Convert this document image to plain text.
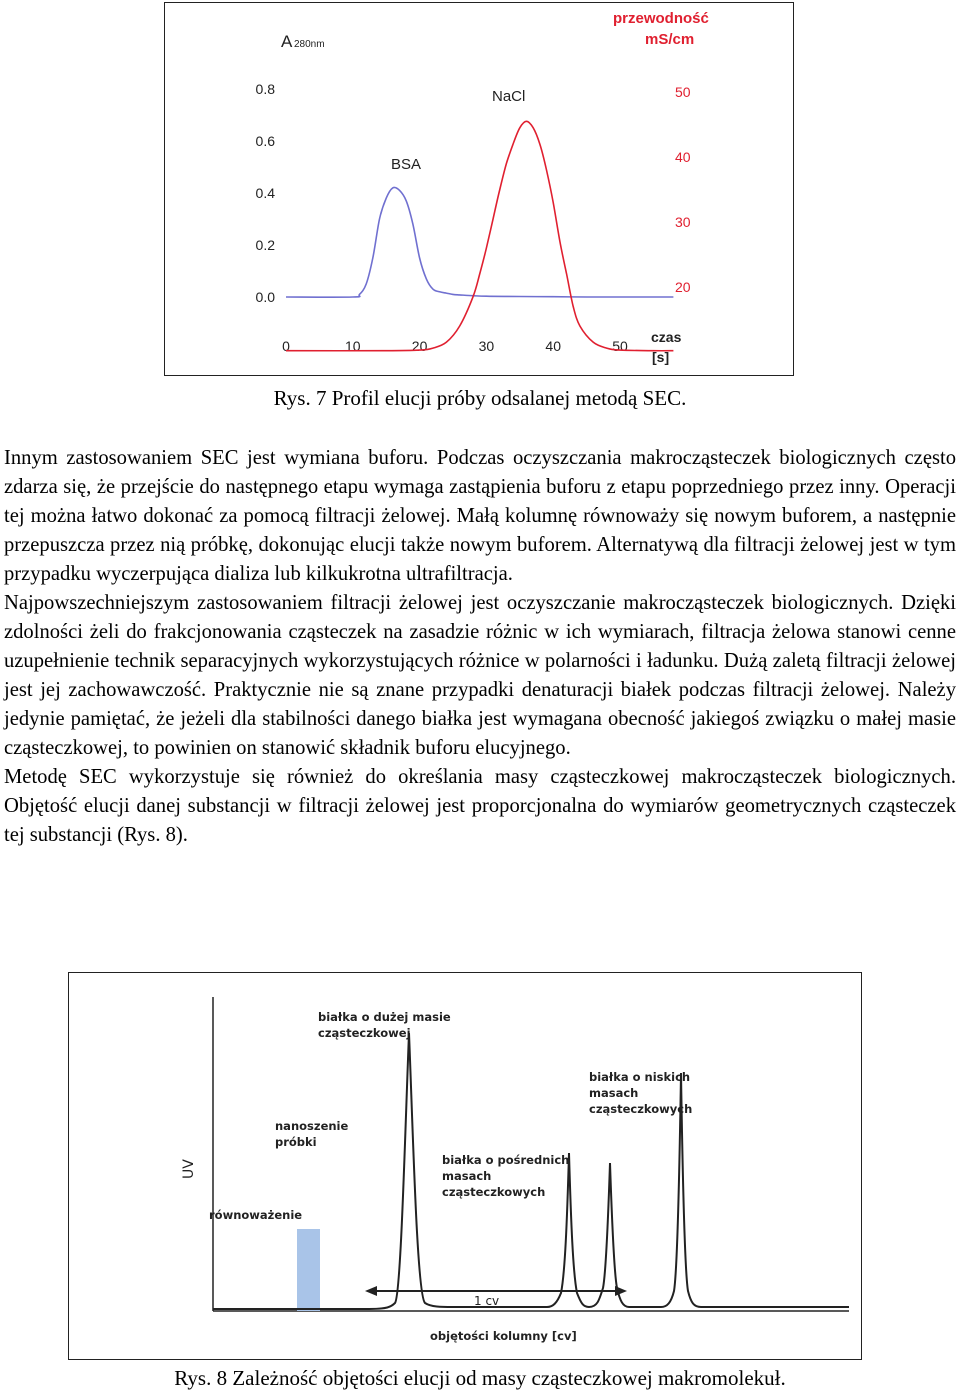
A 280nm
przewodność
mS/cm
czas
[s]
BSA
NaCl
0	10	20	30	40	50
0.0
0.2
0.4
0.6
0.8
20
30
40
50
Rys. 7 Profil elucji próby odsalanej metodą SEC.

Innym zastosowaniem SEC jest wymiana buforu. Podczas oczyszczania makrocząsteczek biologicznych często zdarza się, że przejście do następnego etapu wymaga zastąpienia buforu z etapu poprzedniego przez inny. Operacji tej można łatwo dokonać za pomocą filtracji żelowej. Małą kolumnę równoważy się nowym buforem, a następnie przepuszcza przez nią próbkę, dokonując elucji także nowym buforem. Alternatywą dla filtracji żelowej jest w tym przypadku wyczerpująca dializa lub kilkukrotna ultrafiltracja.

Najpowszechniejszym zastosowaniem filtracji żelowej jest oczyszczanie makrocząsteczek biologicznych. Dzięki zdolności żeli do frakcjonowania cząsteczek na zasadzie różnic w ich wymiarach, filtracja żelowa stanowi cenne uzupełnienie technik separacyjnych wykorzystujących różnice w polarności i ładunku. Dużą zaletą filtracji żelowej jest jej zachowawczość. Praktycznie nie są znane przypadki denaturacji białek podczas filtracji żelowej. Należy jedynie pamiętać, że jeżeli dla stabilności danego białka jest wymagana obecność jakiegoś związku o małej masie cząsteczkowej, to powinien on stanowić składnik buforu elucyjnego.

Metodę SEC wykorzystuje się również do określania masy cząsteczkowej makrocząsteczek biologicznych. Objętość elucji danej substancji w filtracji żelowej jest proporcjonalna do wymiarów geometrycznych cząsteczek tej substancji (Rys. 8).

UV
1 cv
równoważenie
nanoszenie
próbki
białka o dużej masie
cząsteczkowej
białka o pośrednich
masach
cząsteczkowych
białka o niskich
masach
cząsteczkowych
objętości kolumny [cv]
Rys. 8 Zależność objętości elucji od masy cząsteczkowej makromolekuł.
